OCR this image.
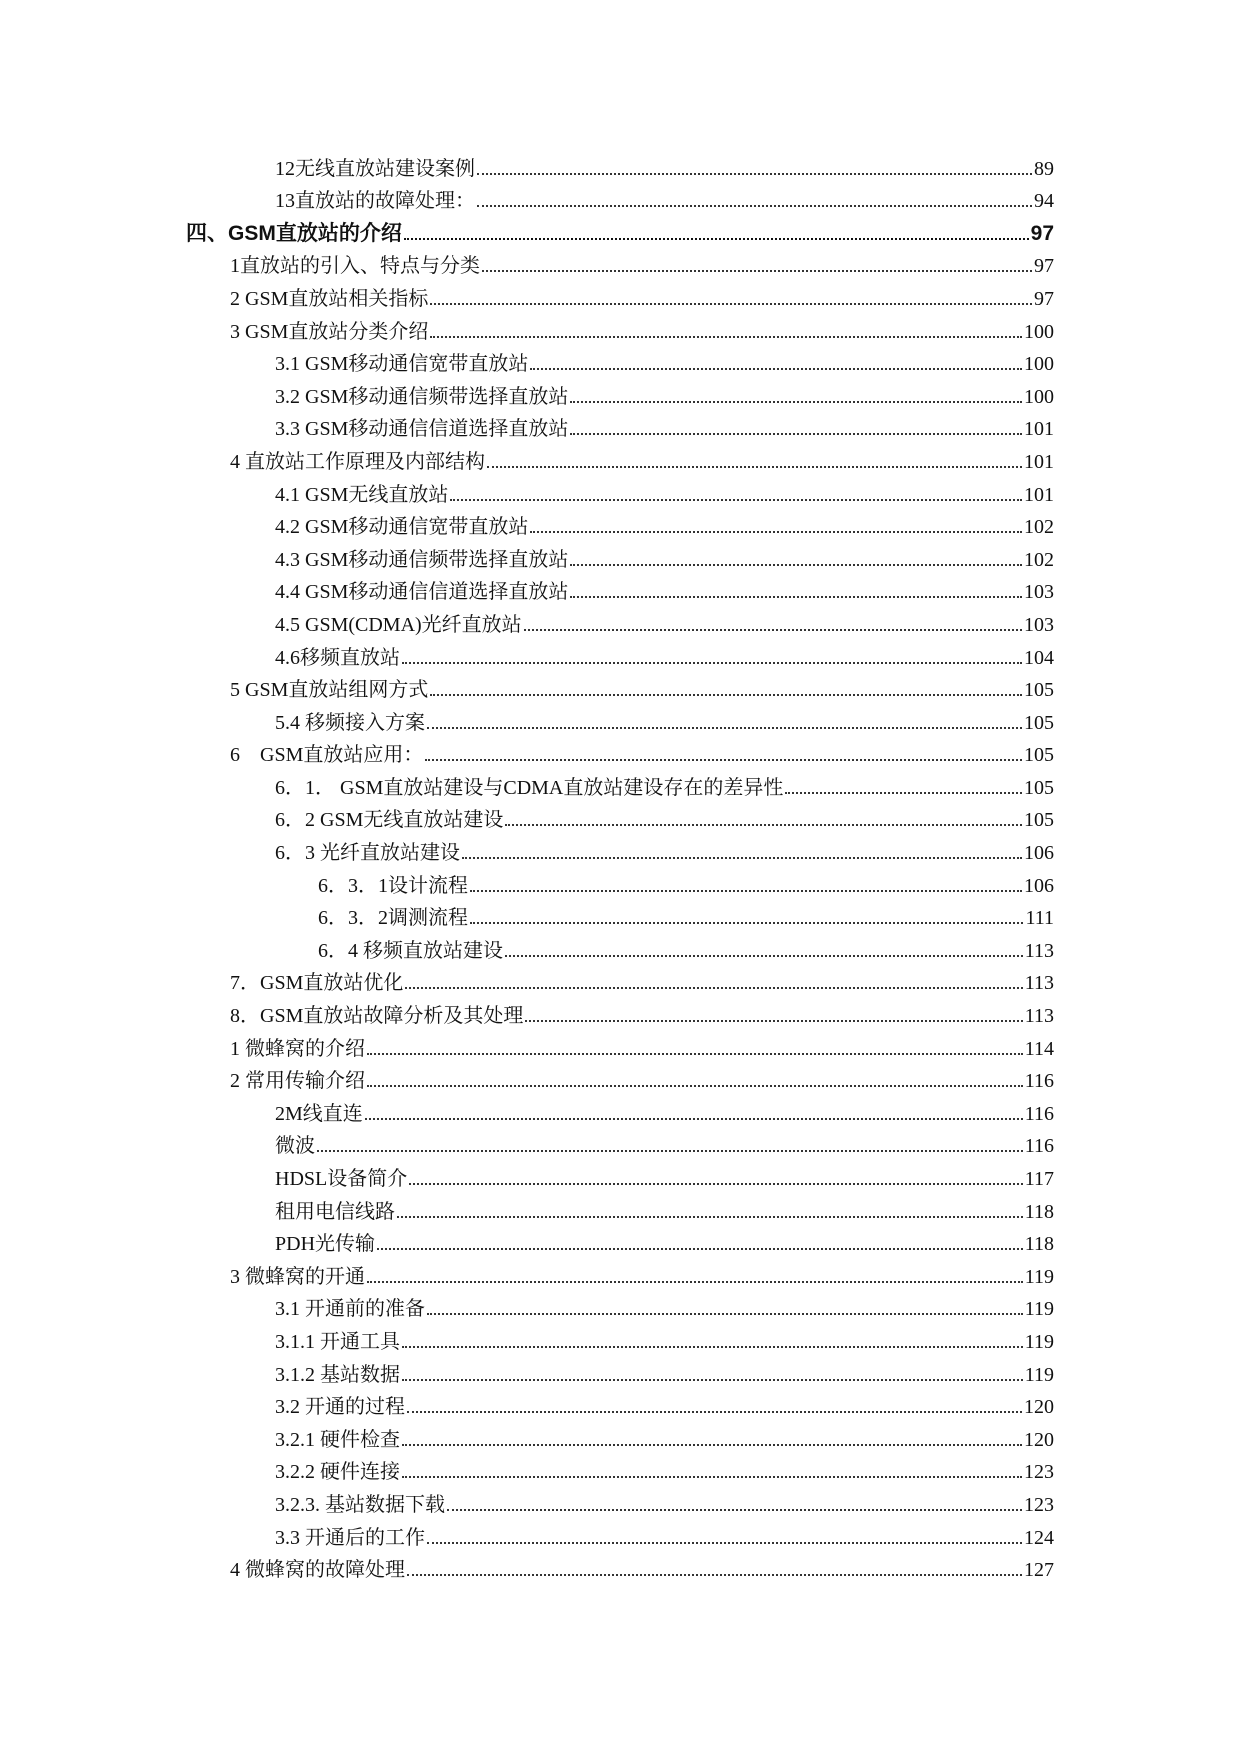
12无线直放站建设案例	89
13直放站的故障处理：	94
四、GSM直放站的介绍	97
1直放站的引入、特点与分类	97
2 GSM直放站相关指标	97
3 GSM直放站分类介绍	100
3.1 GSM移动通信宽带直放站	100
3.2 GSM移动通信频带选择直放站	100
3.3 GSM移动通信信道选择直放站	101
4 直放站工作原理及内部结构	101
4.1 GSM无线直放站	101
4.2 GSM移动通信宽带直放站	102
4.3 GSM移动通信频带选择直放站	102
4.4 GSM移动通信信道选择直放站	103
4.5 GSM(CDMA)光纤直放站	103
4.6移频直放站	104
5 GSM直放站组网方式	105
5.4 移频接入方案	105
6　GSM直放站应用：	105
6．1． GSM直放站建设与CDMA直放站建设存在的差异性	105
6．2 GSM无线直放站建设	105
6．3 光纤直放站建设	106
6．3．1设计流程	106
6．3．2调测流程	111
6．4 移频直放站建设	113
7．GSM直放站优化	113
8．GSM直放站故障分析及其处理	113
1 微蜂窝的介绍	114
2 常用传输介绍	116
2M线直连	116
微波	116
HDSL设备简介	117
租用电信线路	118
PDH光传输	118
3 微蜂窝的开通	119
3.1 开通前的准备	119
3.1.1 开通工具	119
3.1.2 基站数据	119
3.2 开通的过程	120
3.2.1 硬件检查	120
3.2.2 硬件连接	123
3.2.3. 基站数据下载	123
3.3 开通后的工作	124
4 微蜂窝的故障处理	127
